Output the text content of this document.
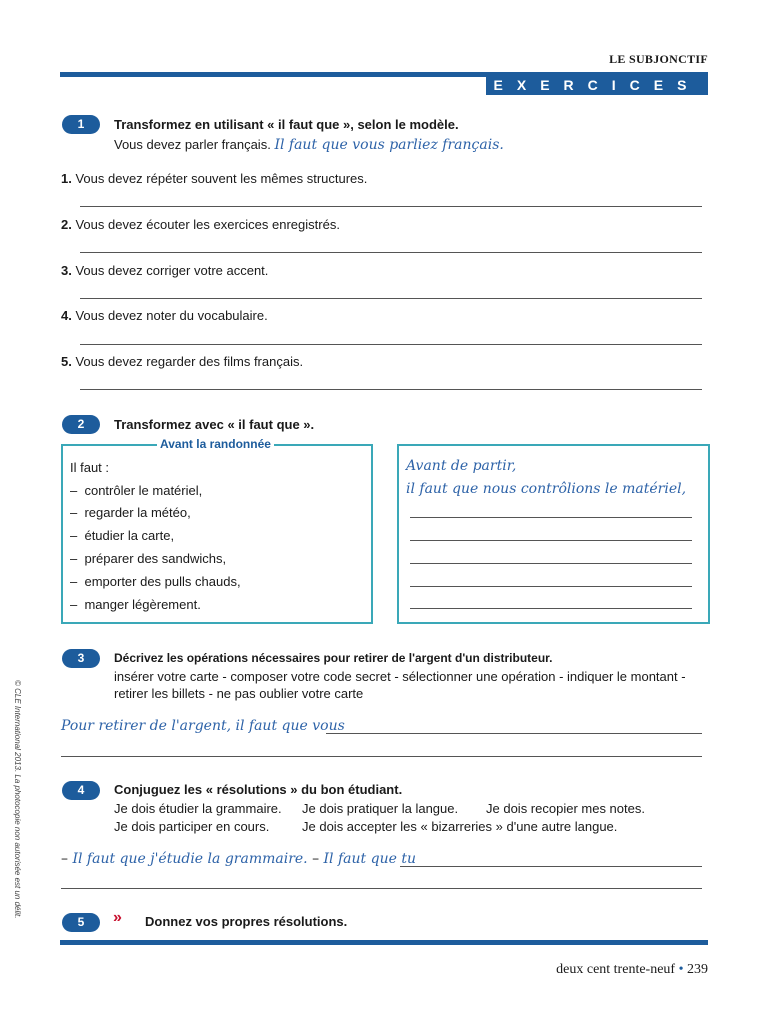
LE SUBJONCTIF
EXERCICES
1	Transformez en utilisant « il faut que », selon le modèle.
Vous devez parler français. Il faut que vous parliez français.
1. Vous devez répéter souvent les mêmes structures.
2. Vous devez écouter les exercices enregistrés.
3. Vous devez corriger votre accent.
4. Vous devez noter du vocabulaire.
5. Vous devez regarder des films français.
2	Transformez avec « il faut que ».
Avant la randonnée
Il faut :
–  contrôler le matériel,
–  regarder la météo,
–  étudier la carte,
–  préparer des sandwichs,
–  emporter des pulls chauds,
–  manger légèrement.
Avant de partir,
il faut que nous contrôlions le matériel,
3	Décrivez les opérations nécessaires pour retirer de l'argent d'un distributeur.
insérer votre carte - composer votre code secret - sélectionner une opération - indiquer le montant -
retirer les billets - ne pas oublier votre carte
Pour retirer de l'argent, il faut que vous
4	Conjuguez les « résolutions » du bon étudiant.
Je dois étudier la grammaire. Je dois pratiquer la langue. Je dois recopier mes notes.
Je dois participer en cours.	Je dois accepter les « bizarreries » d'une autre langue.
– Il faut que j'étudie la grammaire. – Il faut que tu
5	» Donnez vos propres résolutions.
© CLE International 2013. La photocopie non autorisée est un délit.
deux cent trente-neuf • 239
